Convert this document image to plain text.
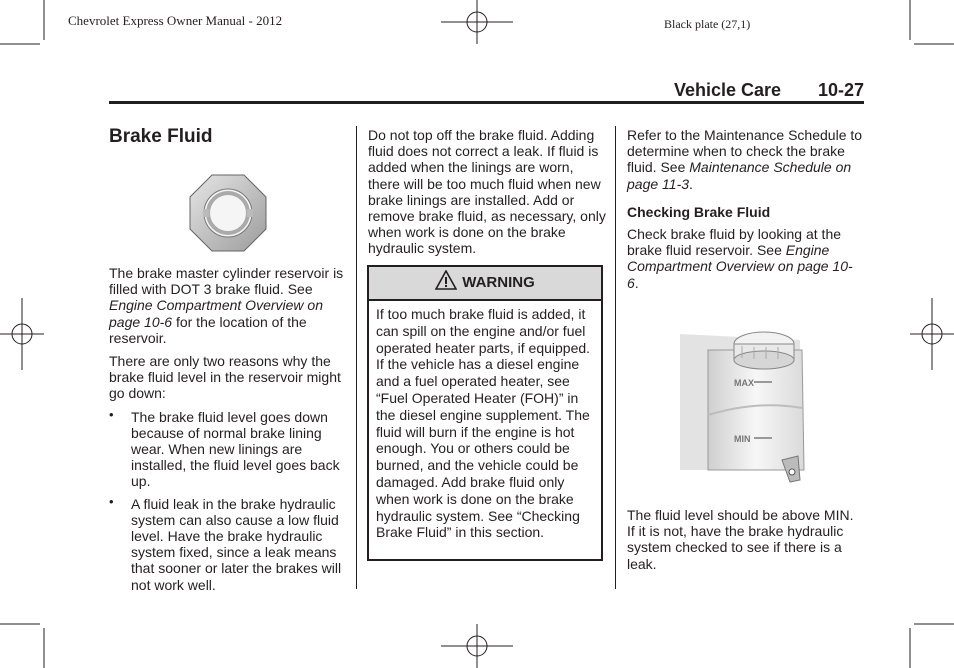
Chevrolet Express Owner Manual - 2012	Black plate (27,1)
Vehicle Care 10-27
Brake Fluid

The brake master cylinder reservoir is filled with DOT 3 brake fluid. See Engine Compartment Overview on page 10-6 for the location of the reservoir.

There are only two reasons why the brake fluid level in the reservoir might go down:

• The brake fluid level goes down because of normal brake lining wear. When new linings are installed, the fluid level goes back up.
• A fluid leak in the brake hydraulic system can also cause a low fluid level. Have the brake hydraulic system fixed, since a leak means that sooner or later the brakes will not work well.

Do not top off the brake fluid. Adding fluid does not correct a leak. If fluid is added when the linings are worn, there will be too much fluid when new brake linings are installed. Add or remove brake fluid, as necessary, only when work is done on the brake hydraulic system.

WARNING
If too much brake fluid is added, it can spill on the engine and/or fuel operated heater parts, if equipped. If the vehicle has a diesel engine and a fuel operated heater, see “Fuel Operated Heater (FOH)” in the diesel engine supplement. The fluid will burn if the engine is hot enough. You or others could be burned, and the vehicle could be damaged. Add brake fluid only when work is done on the brake hydraulic system. See “Checking Brake Fluid” in this section.

Refer to the Maintenance Schedule to determine when to check the brake fluid. See Maintenance Schedule on page 11-3.

Checking Brake Fluid

Check brake fluid by looking at the brake fluid reservoir. See Engine Compartment Overview on page 10-6.

MAX
MIN

The fluid level should be above MIN. If it is not, have the brake hydraulic system checked to see if there is a leak.
